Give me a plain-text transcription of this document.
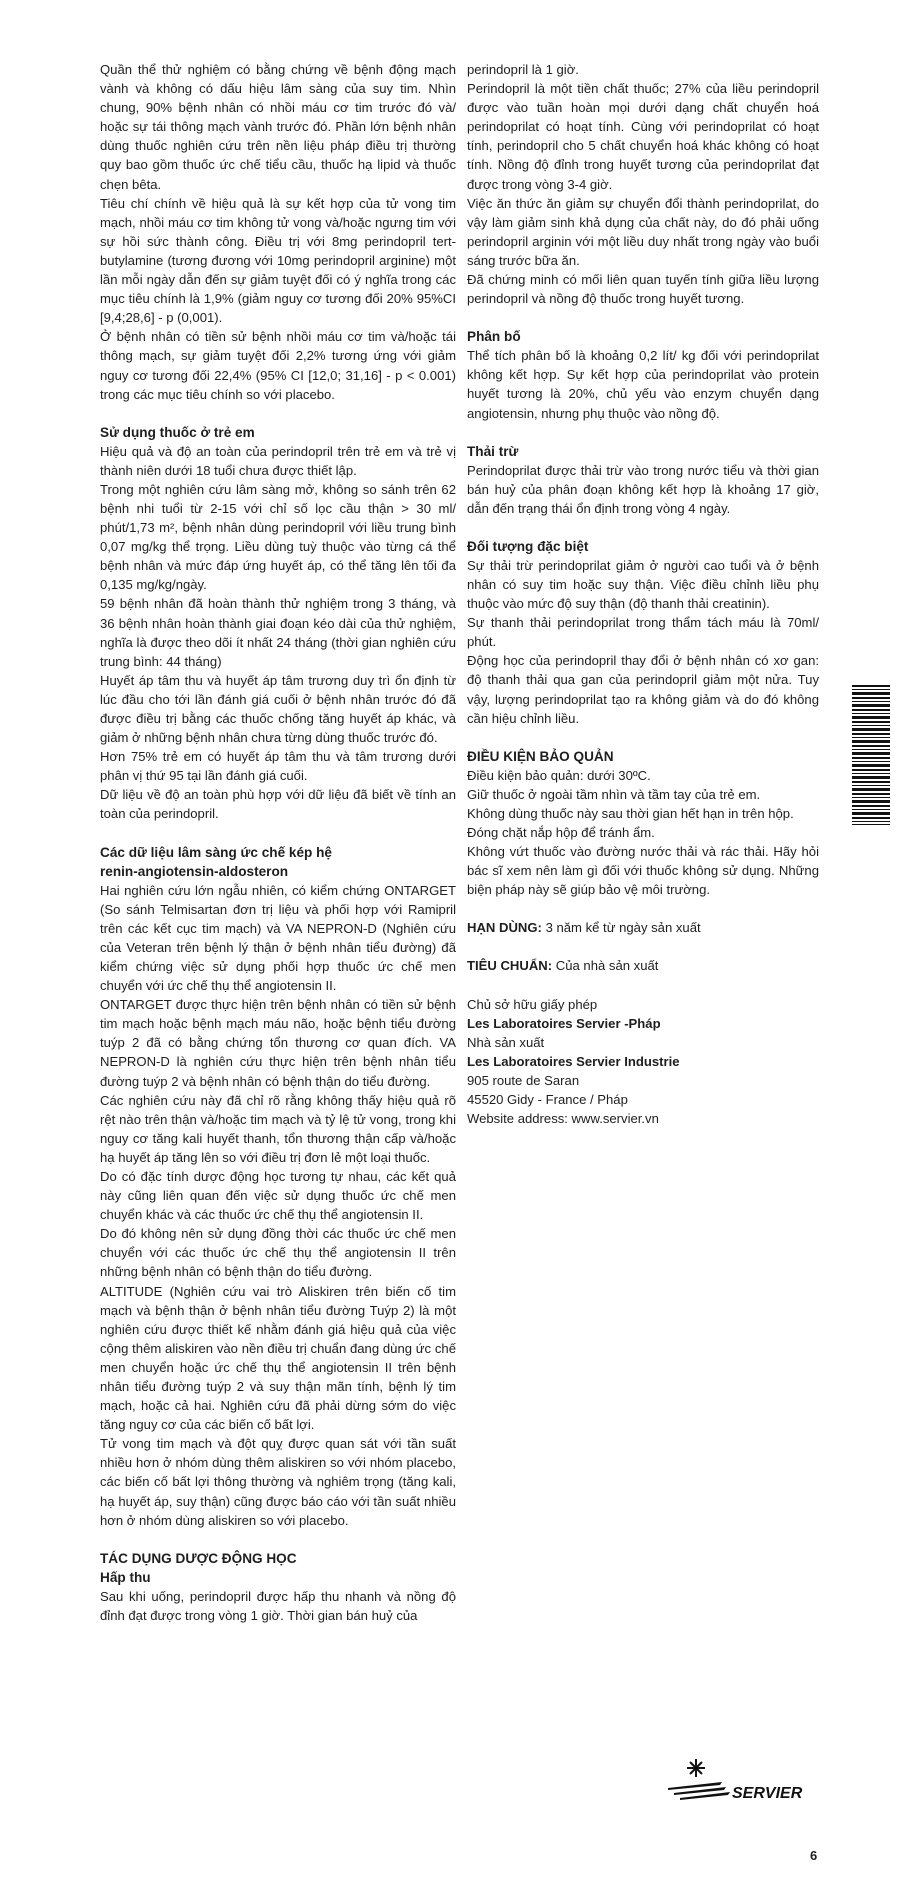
Quần thể thử nghiệm có bằng chứng về bệnh động mạch vành và không có dấu hiệu lâm sàng của suy tim. Nhìn chung, 90% bệnh nhân có nhồi máu cơ tim trước đó và/ hoặc sự tái thông mạch vành trước đó. Phần lớn bệnh nhân dùng thuốc nghiên cứu trên nền liệu pháp điều trị thường quy bao gồm thuốc ức chế tiểu cầu, thuốc hạ lipid và thuốc chẹn bêta.

Tiêu chí chính về hiệu quả là sự kết hợp của tử vong tim mạch, nhồi máu cơ tim không tử vong và/hoặc ngưng tim với sự hồi sức thành công. Điều trị với 8mg perindopril tert-butylamine (tương đương với 10mg perindopril arginine) một lần mỗi ngày dẫn đến sự giảm tuyệt đối có ý nghĩa trong các mục tiêu chính là 1,9% (giảm nguy cơ tương đối 20% 95%CI [9,4;28,6] - p (0,001).

Ở bệnh nhân có tiền sử bệnh nhồi máu cơ tim và/hoặc tái thông mạch, sự giảm tuyệt đối 2,2% tương ứng với giảm nguy cơ tương đối 22,4% (95% CI [12,0; 31,16] - p < 0.001) trong các mục tiêu chính so với placebo.

Sử dụng thuốc ở trẻ em

Hiệu quả và độ an toàn của perindopril trên trẻ em và trẻ vị thành niên dưới 18 tuổi chưa được thiết lập.

Trong một nghiên cứu lâm sàng mở, không so sánh trên 62 bệnh nhi tuổi từ 2-15 với chỉ số lọc cầu thận > 30 ml/ phút/1,73 m², bệnh nhân dùng perindopril với liều trung bình 0,07 mg/kg thể trọng. Liều dùng tuỳ thuộc vào từng cá thể bệnh nhân và mức đáp ứng huyết áp, có thể tăng lên tối đa 0,135 mg/kg/ngày.

59 bệnh nhân đã hoàn thành thử nghiệm trong 3 tháng, và 36 bệnh nhân hoàn thành giai đoạn kéo dài của thử nghiệm, nghĩa là được theo dõi ít nhất 24 tháng (thời gian nghiên cứu trung bình: 44 tháng)

Huyết áp tâm thu và huyết áp tâm trương duy trì ổn định từ lúc đầu cho tới lần đánh giá cuối ở bệnh nhân trước đó đã được điều trị bằng các thuốc chống tăng huyết áp khác, và giảm ở những bệnh nhân chưa từng dùng thuốc trước đó.

Hơn 75% trẻ em có huyết áp tâm thu và tâm trương dưới phân vị thứ 95 tại lần đánh giá cuối.

Dữ liệu về độ an toàn phù hợp với dữ liệu đã biết về tính an toàn của perindopril.

Các dữ liệu lâm sàng ức chế kép hệ
renin-angiotensin-aldosteron

Hai nghiên cứu lớn ngẫu nhiên, có kiểm chứng ONTARGET (So sánh Telmisartan đơn trị liệu và phối hợp với Ramipril trên các kết cục tim mạch) và VA NEPRON-D (Nghiên cứu của Veteran trên bệnh lý thận ở bệnh nhân tiểu đường) đã kiểm chứng việc sử dụng phối hợp thuốc ức chế men chuyển với ức chế thụ thể angiotensin II.

ONTARGET được thực hiện trên bệnh nhân có tiền sử bệnh tim mạch hoặc bệnh mạch máu não, hoặc bệnh tiểu đường tuýp 2 đã có bằng chứng tổn thương cơ quan đích. VA NEPRON-D là nghiên cứu thực hiện trên bệnh nhân tiểu đường tuýp 2 và bệnh nhân có bệnh thận do tiểu đường.

Các nghiên cứu này đã chỉ rõ rằng không thấy hiệu quả rõ rệt nào trên thận và/hoặc tim mạch và tỷ lệ tử vong, trong khi nguy cơ tăng kali huyết thanh, tổn thương thận cấp và/hoặc hạ huyết áp tăng lên so với điều trị đơn lẻ một loại thuốc.

Do có đặc tính dược động học tương tự nhau, các kết quả này cũng liên quan đến việc sử dụng thuốc ức chế men chuyển khác và các thuốc ức chế thụ thể angiotensin II.

Do đó không nên sử dụng đồng thời các thuốc ức chế men chuyển với các thuốc ức chế thụ thể angiotensin II trên những bệnh nhân có bệnh thận do tiểu đường.

ALTITUDE (Nghiên cứu vai trò Aliskiren trên biến cố tim mạch và bệnh thận ở bệnh nhân tiểu đường Tuýp 2) là một nghiên cứu được thiết kế nhằm đánh giá hiệu quả của việc cộng thêm aliskiren vào nền điều trị chuẩn đang dùng ức chế men chuyển hoặc ức chế thụ thể angiotensin II trên bệnh nhân tiểu đường tuýp 2 và suy thận mãn tính, bệnh lý tim mạch, hoặc cả hai. Nghiên cứu đã phải dừng sớm do việc tăng nguy cơ của các biến cố bất lợi.

Tử vong tim mạch và đột quỵ được quan sát với tần suất nhiều hơn ở nhóm dùng thêm aliskiren so với nhóm placebo, các biến cố bất lợi thông thường và nghiêm trọng (tăng kali, hạ huyết áp, suy thận) cũng được báo cáo với tần suất nhiều hơn ở nhóm dùng aliskiren so với placebo.

TÁC DỤNG DƯỢC ĐỘNG HỌC
Hấp thu

Sau khi uống, perindopril được hấp thu nhanh và nồng độ đỉnh đạt được trong vòng 1 giờ. Thời gian bán huỷ của

perindopril là 1 giờ.

Perindopril là một tiền chất thuốc; 27% của liều perindopril được vào tuần hoàn mọi dưới dạng chất chuyển hoá perindoprilat có hoạt tính. Cùng với perindoprilat có hoạt tính, perindopril cho 5 chất chuyển hoá khác không có hoạt tính. Nồng độ đỉnh trong huyết tương của perindoprilat đạt được trong vòng 3-4 giờ.

Việc ăn thức ăn giảm sự chuyển đổi thành perindoprilat, do vậy làm giảm sinh khả dụng của chất này, do đó phải uống perindopril arginin với một liều duy nhất trong ngày vào buổi sáng trước bữa ăn.

Đã chứng minh có mối liên quan tuyến tính giữa liều lượng perindopril và nồng độ thuốc trong huyết tương.

Phân bố

Thể tích phân bố là khoảng 0,2 lít/ kg đối với perindoprilat không kết hợp. Sự kết hợp của perindoprilat vào protein huyết tương là 20%, chủ yếu vào enzym chuyển dạng angiotensin, nhưng phụ thuộc vào nồng độ.

Thải trừ

Perindoprilat được thải trừ vào trong nước tiểu và thời gian bán huỷ của phân đoạn không kết hợp là khoảng 17 giờ, dẫn đến trạng thái ổn định trong vòng 4 ngày.

Đối tượng đặc biệt

Sự thải trừ perindoprilat giảm ở người cao tuổi và ở bệnh nhân có suy tim hoặc suy thận. Việc điều chỉnh liều phụ thuộc vào mức độ suy thận (độ thanh thải creatinin).

Sự thanh thải perindoprilat trong thẩm tách máu là 70ml/ phút.

Động học của perindopril thay đổi ở bệnh nhân có xơ gan: độ thanh thải qua gan của perindopril giảm một nửa. Tuy vậy, lượng perindoprilat tạo ra không giảm và do đó không cần hiệu chỉnh liều.

ĐIỀU KIỆN BẢO QUẢN

Điều kiện bảo quản: dưới 30ºC.

Giữ thuốc ở ngoài tầm nhìn và tầm tay của trẻ em.

Không dùng thuốc này sau thời gian hết hạn in trên hộp.

Đóng chặt nắp hộp để tránh ẩm.

Không vứt thuốc vào đường nước thải và rác thải. Hãy hỏi bác sĩ xem nên làm gì đối với thuốc không sử dụng. Những biện pháp này sẽ giúp bảo vệ môi trường.

HẠN DÙNG: 3 năm kể từ ngày sản xuất

TIÊU CHUẨN: Của nhà sản xuất

Chủ sở hữu giấy phép

Les Laboratoires Servier -Pháp

Nhà sản xuất

Les Laboratoires Servier Industrie

905 route de Saran

45520 Gidy - France / Pháp

Website address: www.servier.vn

SERVIER
6
